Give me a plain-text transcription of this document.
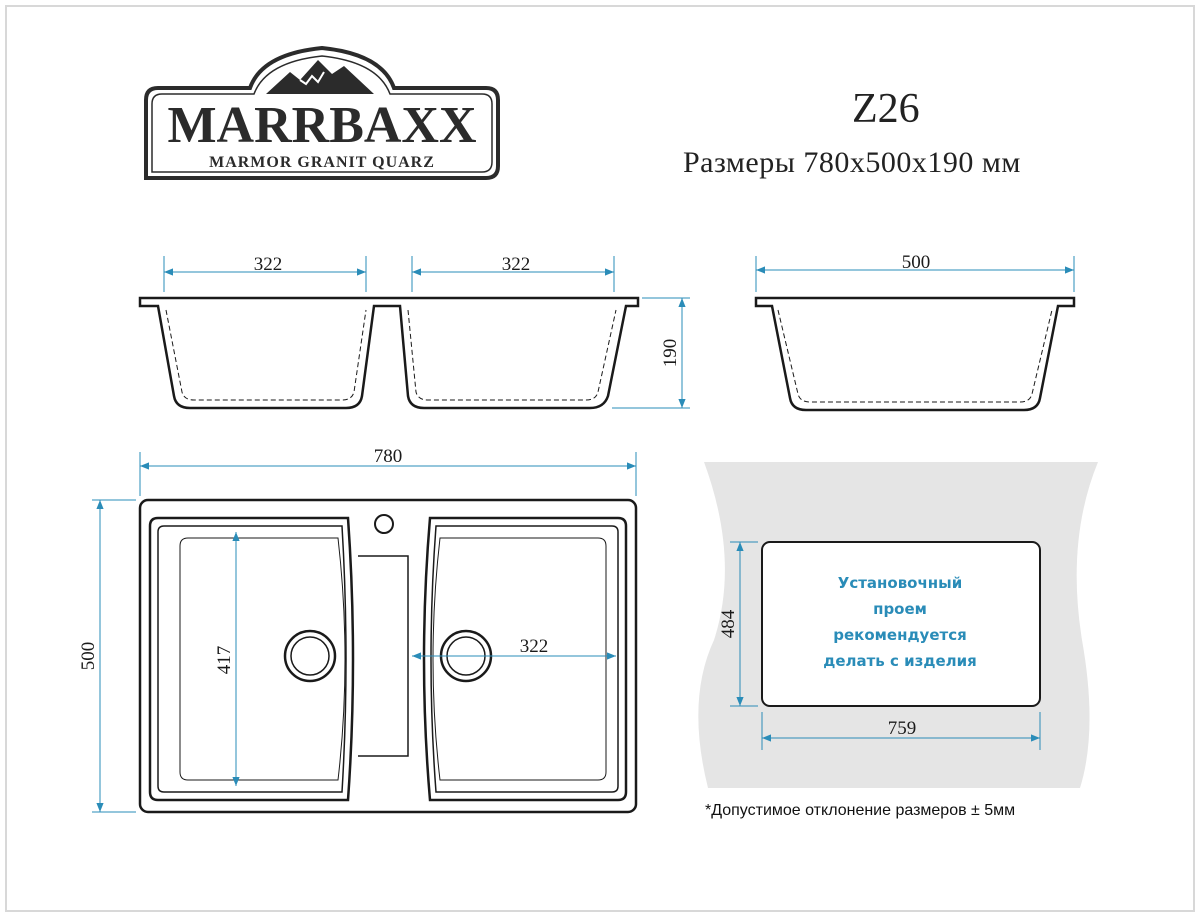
MARRBAXX
MARMOR GRANIT QUARZ
322	322	500
190
780
500	417	322
484
759
Z26
Размеры 780x500x190 мм
Установочный
проем
рекомендуется
делать с изделия
*Допустимое отклонение размеров ± 5мм
